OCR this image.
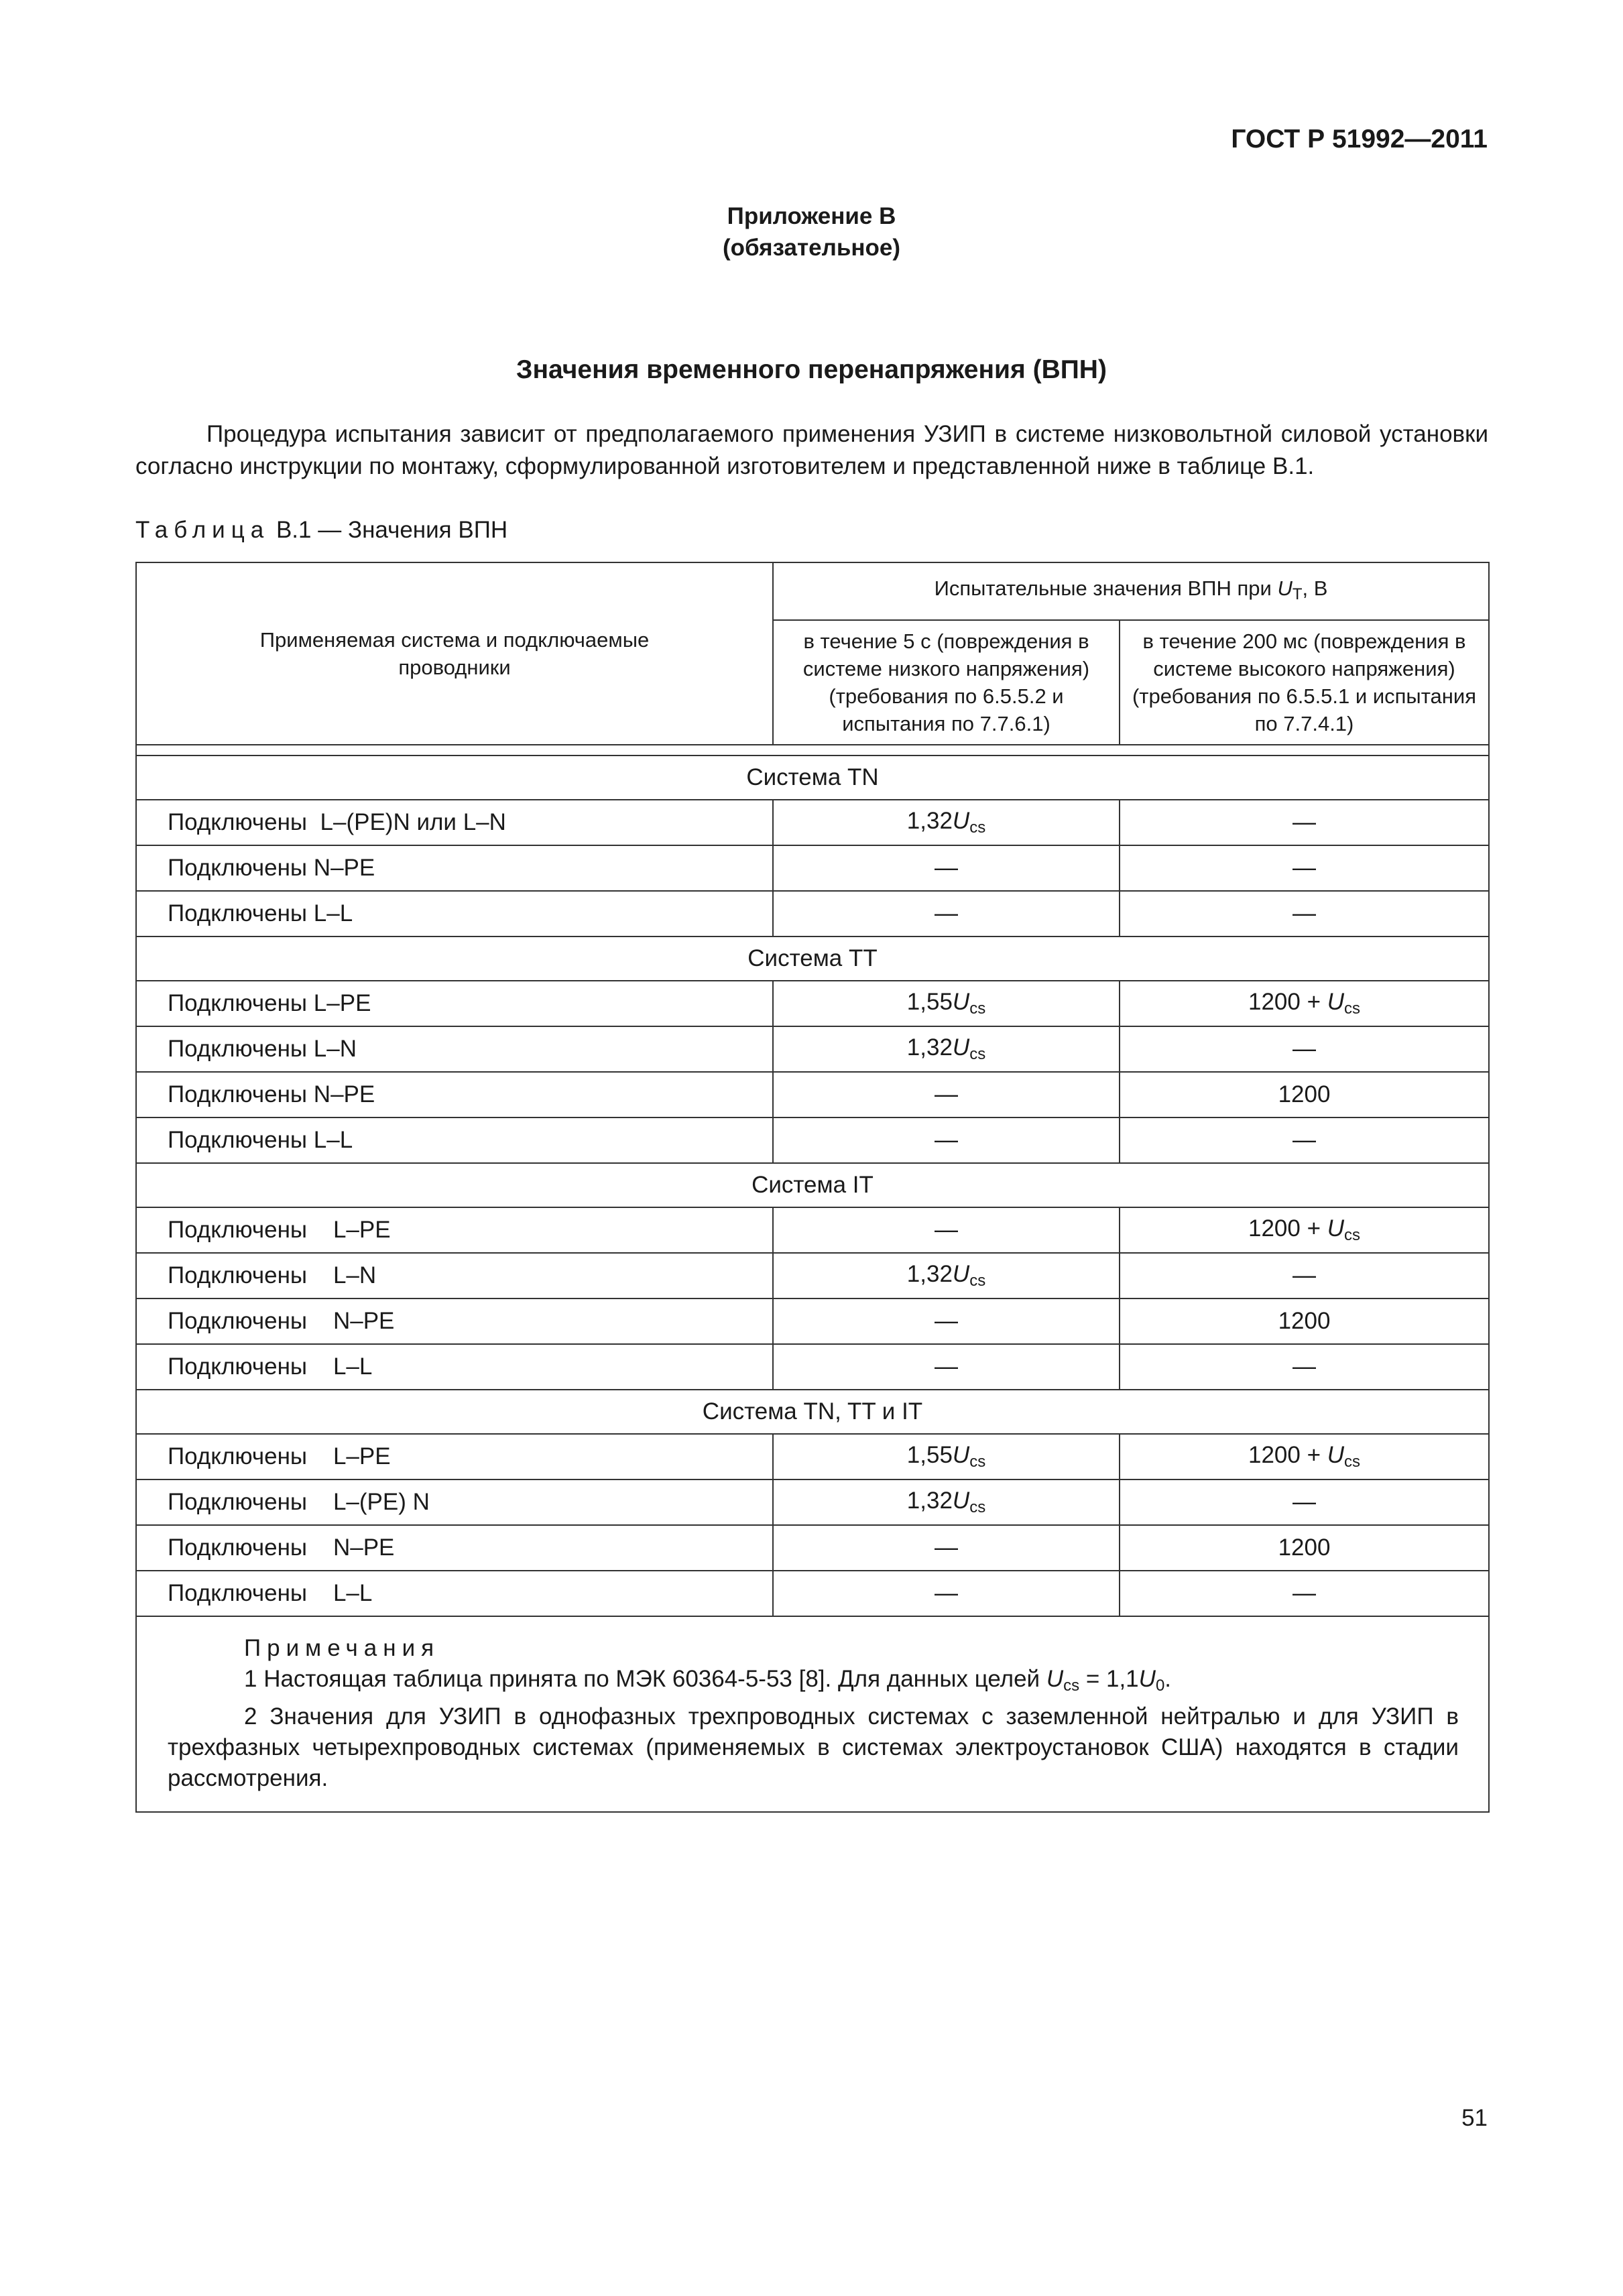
ГОСТ Р 51992—2011
Приложение В
(обязательное)
Значения временного перенапряжения (ВПН)

Процедура испытания зависит от предполагаемого применения УЗИП в системе низковольтной силовой установки согласно инструкции по монтажу, сформулированной изготовителем и представленной ниже в таблице В.1.

Таблица В.1 — Значения ВПН
Применяемая система и подключаемые проводники	Испытательные значения ВПН при $U_T$, В	
	в течение 5 с (повреждения в системе низкого напряжения) (требования по 6.5.5.2 и испытания по 7.7.6.1)	в течение 200 мс (повреждения в системе высокого напряжения) (требования по 6.5.5.1 и испытания по 7.7.4.1)

Система TN		
Подключены  L–(PE)N или L–N	$1,32U_{cs}$	—
Подключены N–PE	—	—
Подключены L–L	—	—
Система TT		
Подключены L–PE	$1,55U_{cs}$	$1200 + U_{cs}$
Подключены L–N	$1,32U_{cs}$	—
Подключены N–PE	—	1200
Подключены L–L	—	—
Система IT		
Подключены    L–PE	—	$1200 + U_{cs}$
Подключены    L–N	$1,32U_{cs}$	—
Подключены    N–PE	—	1200
Подключены    L–L	—	—
Система TN, TT и IT		
Подключены    L–PE	$1,55U_{cs}$	$1200 + U_{cs}$
Подключены    L–(PE) N	$1,32U_{cs}$	—
Подключены    N–PE	—	1200
Подключены    L–L	—	—

Примечания
1 Настоящая таблица принята по МЭК 60364-5-53 [8]. Для данных целей $U_{cs} = 1,1U_0$.
2 Значения для УЗИП в однофазных трехпроводных системах с заземленной нейтралью и для УЗИП в трехфазных четырехпроводных системах (применяемых в системах электроустановок США) находятся в стадии рассмотрения.		
51
